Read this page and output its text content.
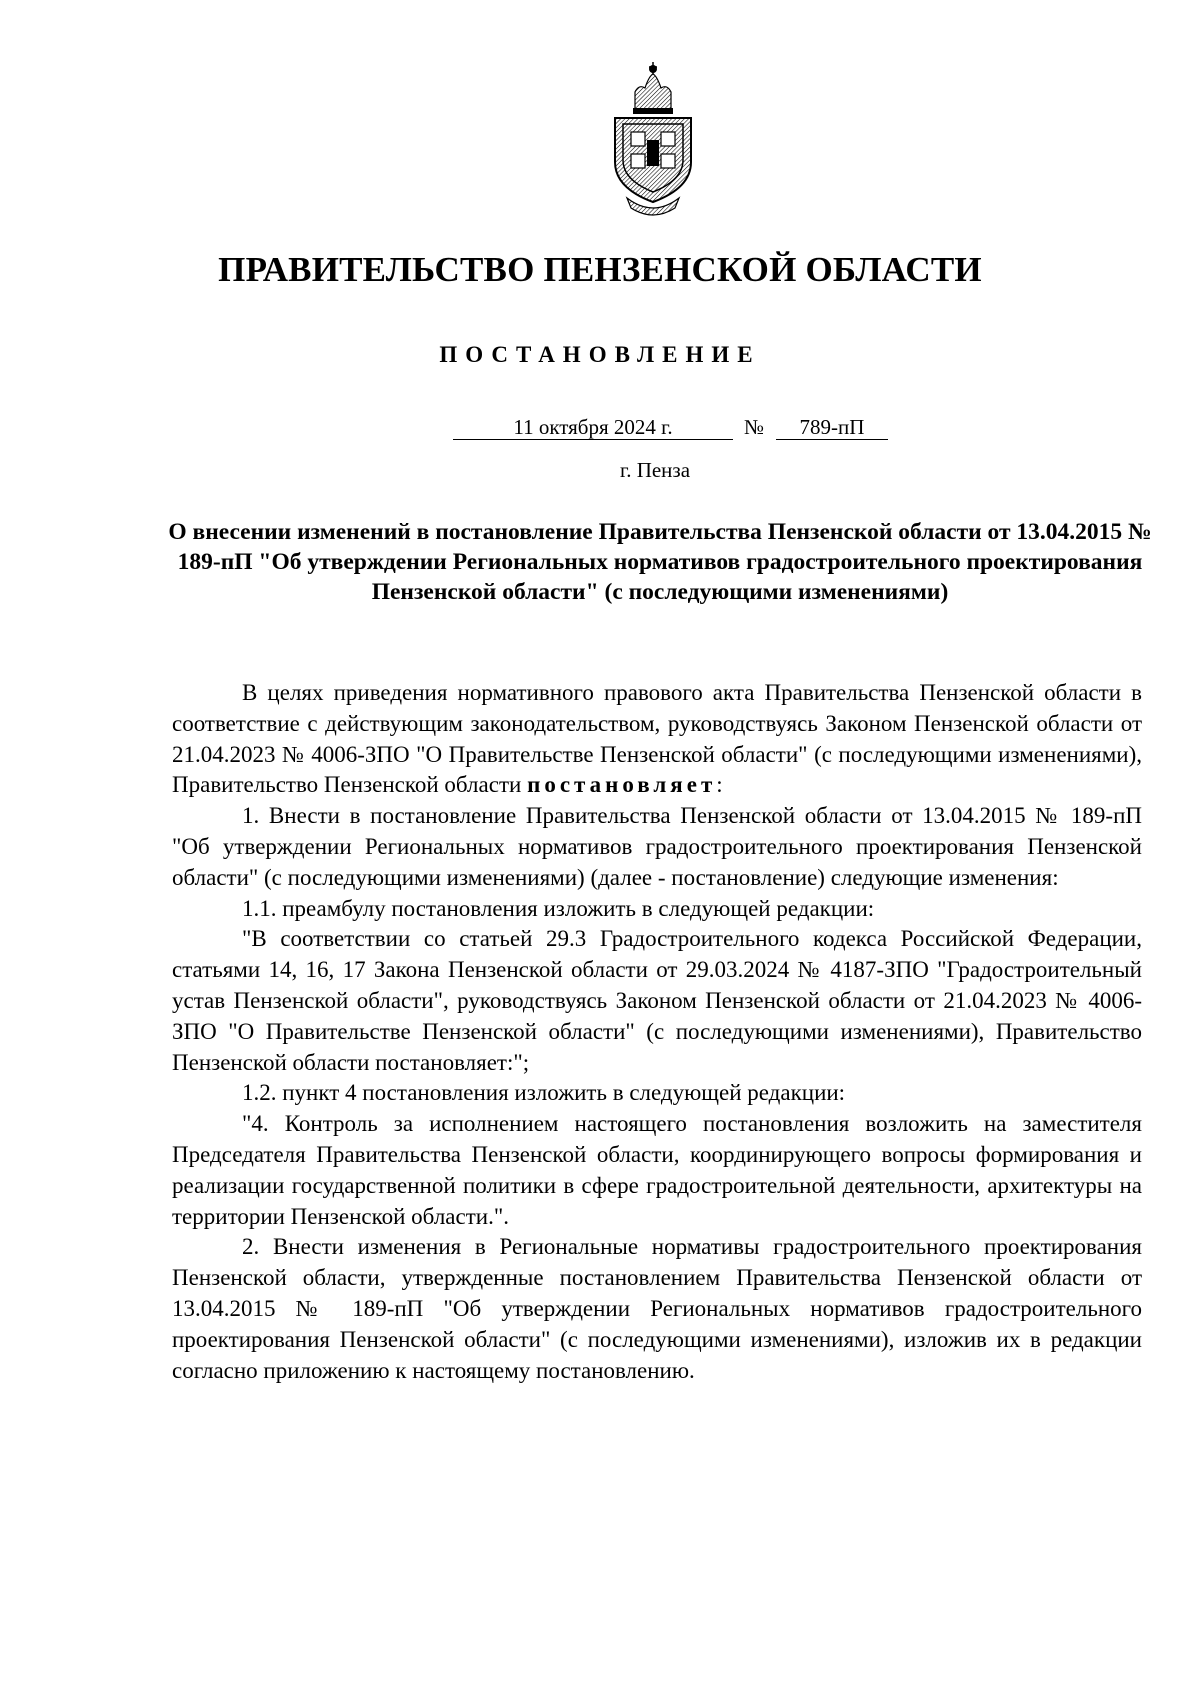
ПРАВИТЕЛЬСТВО ПЕНЗЕНСКОЙ ОБЛАСТИ
ПОСТАНОВЛЕНИЕ
11 октября 2024 г.	№	789-пП
г. Пенза
О внесении изменений в постановление Правительства Пензенской области от 13.04.2015 № 189-пП "Об утверждении Региональных нормативов градостроительного проектирования Пензенской области" (с последующими изменениями)

В целях приведения нормативного правового акта Правительства Пензенской области в соответствие с действующим законодательством, руководствуясь Законом Пензенской области от 21.04.2023 № 4006-ЗПО "О Правительстве Пензенской области" (с последующими изменениями), Правительство Пензенской области постановляет:

1. Внести в постановление Правительства Пензенской области от 13.04.2015 № 189-пП "Об утверждении Региональных нормативов градостроительного проектирования Пензенской области" (с последующими изменениями) (далее - постановление) следующие изменения:

1.1. преамбулу постановления изложить в следующей редакции:

"В соответствии со статьей 29.3 Градостроительного кодекса Российской Федерации, статьями 14, 16, 17 Закона Пензенской области от 29.03.2024 № 4187-ЗПО "Градостроительный устав Пензенской области", руководствуясь Законом Пензенской области от 21.04.2023 № 4006-ЗПО "О Правительстве Пензенской области" (с последующими изменениями), Правительство Пензенской области постановляет:";

1.2. пункт 4 постановления изложить в следующей редакции:

"4. Контроль за исполнением настоящего постановления возложить на заместителя Председателя Правительства Пензенской области, координирующего вопросы формирования и реализации государственной политики в сфере градостроительной деятельности, архитектуры на территории Пензенской области.".

2. Внести изменения в Региональные нормативы градостроительного проектирования Пензенской области, утвержденные постановлением Правительства Пензенской области от 13.04.2015 № 189-пП "Об утверждении Региональных нормативов градостроительного проектирования Пензенской области" (с последующими изменениями), изложив их в редакции согласно приложению к настоящему постановлению.
